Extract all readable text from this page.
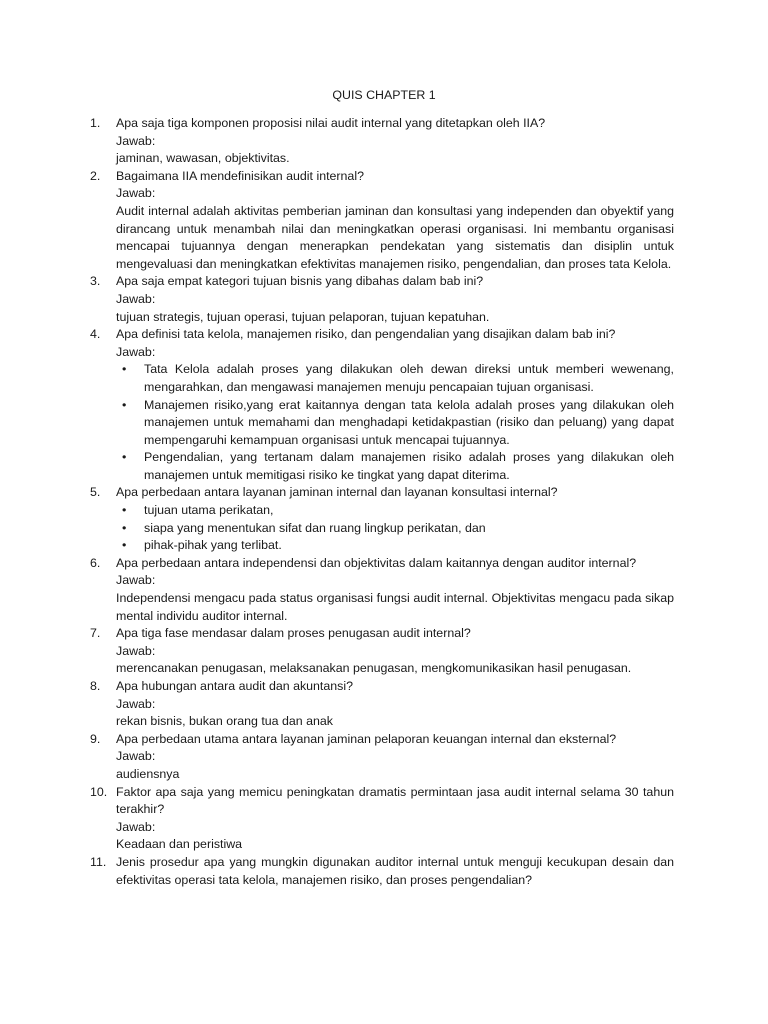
QUIS CHAPTER 1
1. Apa saja tiga komponen proposisi nilai audit internal yang ditetapkan oleh IIA?
Jawab:
jaminan, wawasan, objektivitas.
2. Bagaimana IIA mendefinisikan audit internal?
Jawab:
Audit internal adalah aktivitas pemberian jaminan dan konsultasi yang independen dan obyektif yang dirancang untuk menambah nilai dan meningkatkan operasi organisasi. Ini membantu organisasi mencapai tujuannya dengan menerapkan pendekatan yang sistematis dan disiplin untuk mengevaluasi dan meningkatkan efektivitas manajemen risiko, pengendalian, dan proses tata Kelola.
3. Apa saja empat kategori tujuan bisnis yang dibahas dalam bab ini?
Jawab:
tujuan strategis, tujuan operasi, tujuan pelaporan, tujuan kepatuhan.
4. Apa definisi tata kelola, manajemen risiko, dan pengendalian yang disajikan dalam bab ini?
Jawab:
• Tata Kelola adalah proses yang dilakukan oleh dewan direksi untuk memberi wewenang, mengarahkan, dan mengawasi manajemen menuju pencapaian tujuan organisasi.
• Manajemen risiko,yang erat kaitannya dengan tata kelola adalah proses yang dilakukan oleh manajemen untuk memahami dan menghadapi ketidakpastian (risiko dan peluang) yang dapat mempengaruhi kemampuan organisasi untuk mencapai tujuannya.
• Pengendalian, yang tertanam dalam manajemen risiko adalah proses yang dilakukan oleh manajemen untuk memitigasi risiko ke tingkat yang dapat diterima.
5. Apa perbedaan antara layanan jaminan internal dan layanan konsultasi internal?
• tujuan utama perikatan,
• siapa yang menentukan sifat dan ruang lingkup perikatan, dan
• pihak-pihak yang terlibat.
6. Apa perbedaan antara independensi dan objektivitas dalam kaitannya dengan auditor internal?
Jawab:
Independensi mengacu pada status organisasi fungsi audit internal. Objektivitas mengacu pada sikap mental individu auditor internal.
7. Apa tiga fase mendasar dalam proses penugasan audit internal?
Jawab:
merencanakan penugasan, melaksanakan penugasan, mengkomunikasikan hasil penugasan.
8. Apa hubungan antara audit dan akuntansi?
Jawab:
rekan bisnis, bukan orang tua dan anak
9. Apa perbedaan utama antara layanan jaminan pelaporan keuangan internal dan eksternal?
Jawab:
audiensnya
10. Faktor apa saja yang memicu peningkatan dramatis permintaan jasa audit internal selama 30 tahun terakhir?
Jawab:
Keadaan dan peristiwa
11. Jenis prosedur apa yang mungkin digunakan auditor internal untuk menguji kecukupan desain dan efektivitas operasi tata kelola, manajemen risiko, dan proses pengendalian?
